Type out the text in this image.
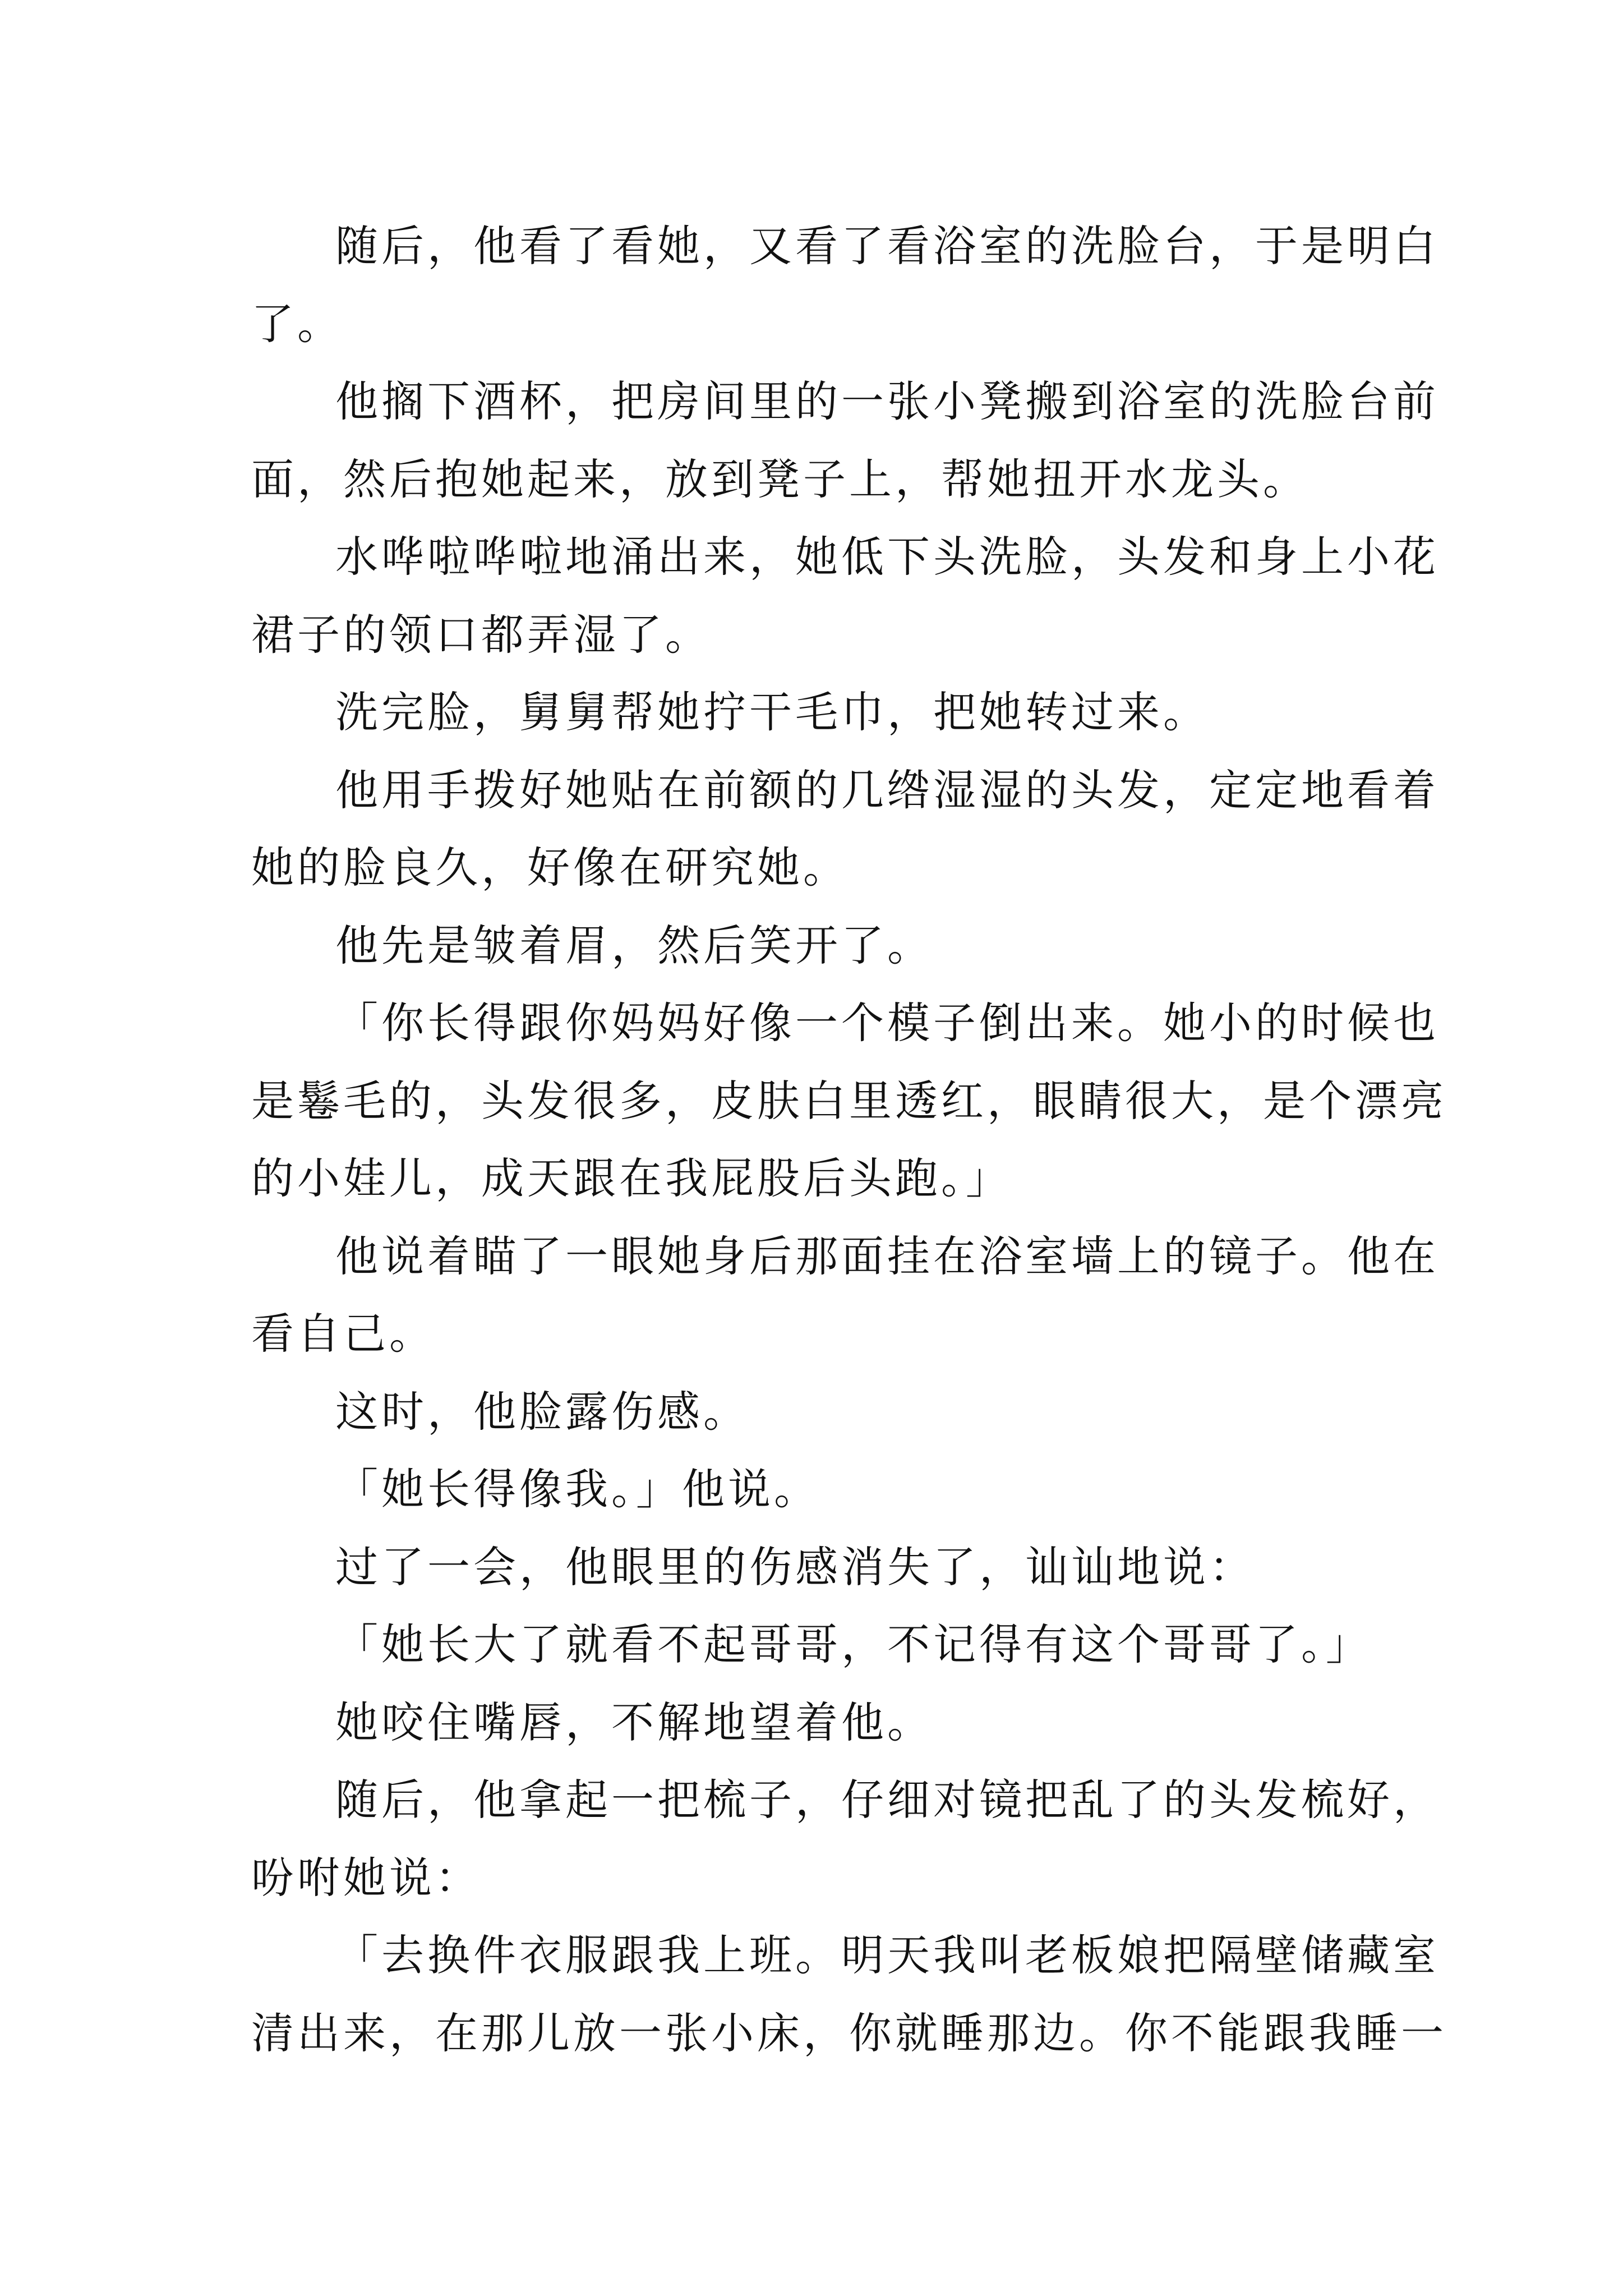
随后，他看了看她，又看了看浴室的洗脸台，于是明白
了。
他搁下酒杯，把房间里的一张小凳搬到浴室的洗脸台前
面，然后抱她起来，放到凳子上，帮她扭开水龙头。
水哗啦哗啦地涌出来，她低下头洗脸，头发和身上小花
裙子的领口都弄湿了。
洗完脸，舅舅帮她拧干毛巾，把她转过来。
他用手拨好她贴在前额的几绺湿湿的头发，定定地看着
她的脸良久，好像在研究她。
他先是皱着眉，然后笑开了。
「你长得跟你妈妈好像一个模子倒出来。她小的时候也
是鬈毛的，头发很多，皮肤白里透红，眼睛很大，是个漂亮
的小娃儿，成天跟在我屁股后头跑。」
他说着瞄了一眼她身后那面挂在浴室墙上的镜子。他在
看自己。
这时，他脸露伤感。
「她长得像我。」他说。
过了一会，他眼里的伤感消失了，讪讪地说：
「她长大了就看不起哥哥，不记得有这个哥哥了。」
她咬住嘴唇，不解地望着他。
随后，他拿起一把梳子，仔细对镜把乱了的头发梳好，
吩咐她说：
「去换件衣服跟我上班。明天我叫老板娘把隔壁储藏室
清出来，在那儿放一张小床，你就睡那边。你不能跟我睡一
